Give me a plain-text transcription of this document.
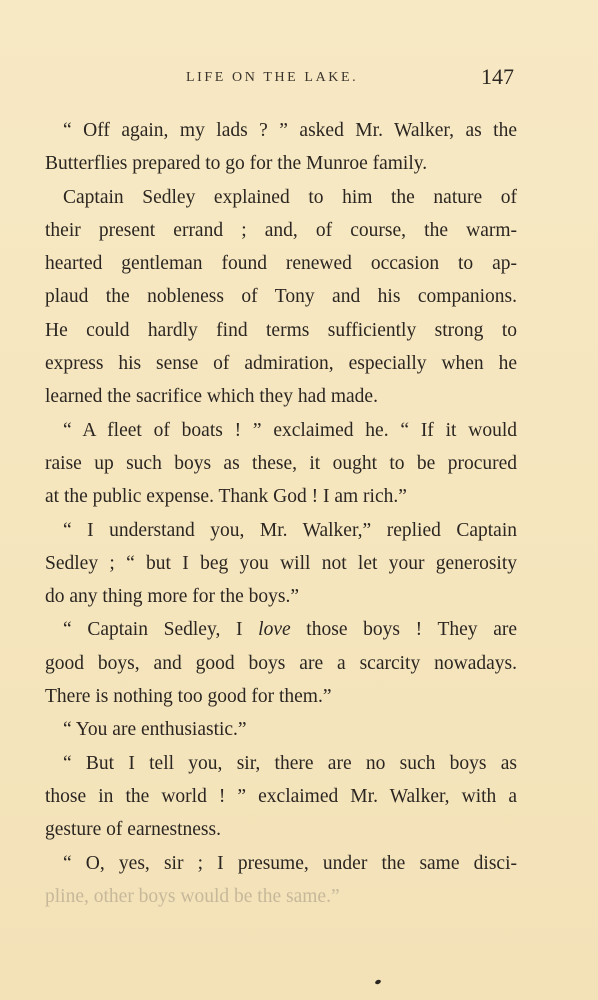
LIFE ON THE LAKE.	147
“ Off again, my lads ? ” asked Mr. Walker, as the
Butterflies prepared to go for the Munroe family.
Captain Sedley explained to him the nature of
their present errand ; and, of course, the warm-
hearted gentleman found renewed occasion to ap-
plaud the nobleness of Tony and his companions.
He could hardly find terms sufficiently strong to
express his sense of admiration, especially when he
learned the sacrifice which they had made.
“ A fleet of boats ! ” exclaimed he. “ If it would
raise up such boys as these, it ought to be procured
at the public expense. Thank God ! I am rich.”
“ I understand you, Mr. Walker,” replied Captain
Sedley ; “ but I beg you will not let your generosity
do any thing more for the boys.”
“ Captain Sedley, I love those boys ! They are
good boys, and good boys are a scarcity nowadays.
There is nothing too good for them.”
“ You are enthusiastic.”
“ But I tell you, sir, there are no such boys as
those in the world ! ” exclaimed Mr. Walker, with a
gesture of earnestness.
“ O, yes, sir ; I presume, under the same disci-
pline, other boys would be the same.”
